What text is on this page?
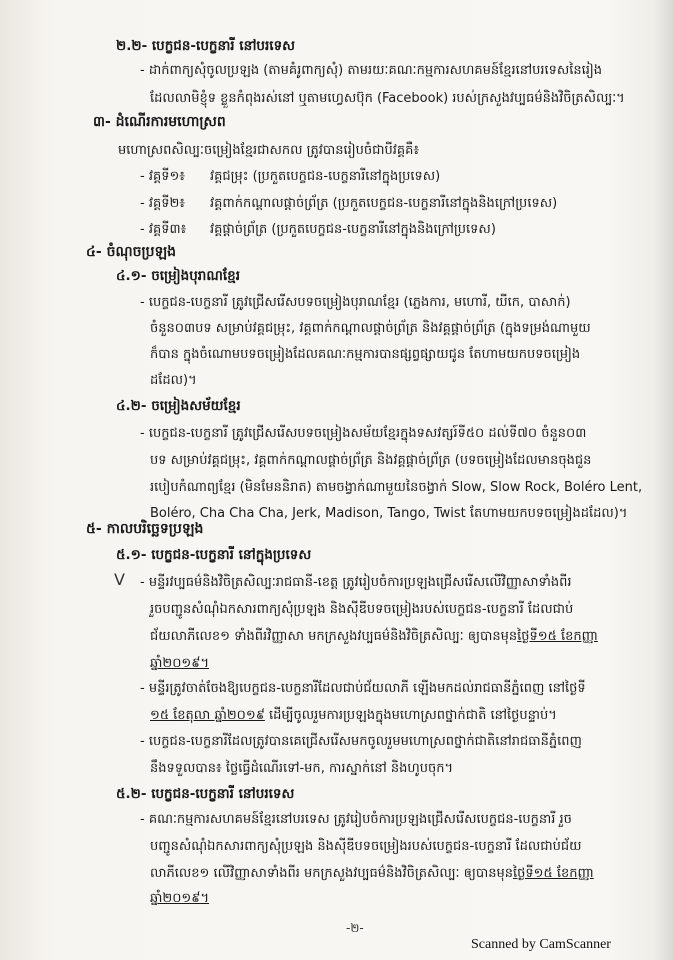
២.២- បេក្ខជន-បេក្ខនារី នៅបរទេស
- ដាក់ពាក្យសុំចូលប្រឡង (តាមគំរូពាក្យសុំ) តាមរយៈគណៈកម្មការសហគមន៍ខ្មែរនៅបរទេសនៃរៀង
ដែលលាមិខ្ញុំទ ខ្លួនកំពុងរស់នៅ ឬតាមហ្វេសប៊ុក (Facebook) របស់ក្រសួងវប្បធម៌និងវិចិត្រសិល្បៈ។
៣- ដំណើរការមហោស្រព
មហោស្រពសិល្បៈចម្រៀងខ្មែរជាសកល ត្រូវបានរៀបចំជាបីវគ្គគឺ៖
- វគ្គទី១៖ វគ្គជម្រុះ (ប្រកួតបេក្ខជន-បេក្ខនារីនៅក្នុងប្រទេស)
- វគ្គទី២៖ វគ្គពាក់កណ្ដាលផ្ដាច់ព្រ័ត្រ (ប្រកួតបេក្ខជន-បេក្ខនារីនៅក្នុងនិងក្រៅប្រទេស)
- វគ្គទី៣៖ វគ្គផ្ដាច់ព្រ័ត្រ (ប្រកួតបេក្ខជន-បេក្ខនារីនៅក្នុងនិងក្រៅប្រទេស)
៤- ចំណុចប្រឡង
៤.១- ចម្រៀងបុរាណខ្មែរ
- បេក្ខជន-បេក្ខនារី ត្រូវជ្រើសរើសបទចម្រៀងបុរាណខ្មែរ (ភ្លេងការ, មហោរី, យីកេ, បាសាក់)
ចំនួន០៣បទ សម្រាប់វគ្គជម្រុះ, វគ្គពាក់កណ្ដាលផ្ដាច់ព្រ័ត្រ និងវគ្គផ្ដាច់ព្រ័ត្រ (ក្នុងទម្រង់ណាមួយ
ក៏បាន ក្នុងចំណោមបទចម្រៀងដែលគណៈកម្មការបានផ្សព្វផ្សាយជូន តែហាមយកបទចម្រៀង
ដដែល)។
៤.២- ចម្រៀងសម័យខ្មែរ
- បេក្ខជន-បេក្ខនារី ត្រូវជ្រើសរើសបទចម្រៀងសម័យខ្មែរក្នុងទសវត្សរ៍ទី៥០ ដល់ទី៧០ ចំនួន០៣
បទ សម្រាប់វគ្គជម្រុះ, វគ្គពាក់កណ្ដាលផ្ដាច់ព្រ័ត្រ និងវគ្គផ្ដាច់ព្រ័ត្រ (បទចម្រៀងដែលមានចុងជួន
របៀបកំណាព្យខ្មែរ (មិនមែននិរាត) តាមចង្វាក់ណាមួយនៃចង្វាក់ Slow, Slow Rock, Boléro Lent,
Boléro, Cha Cha Cha, Jerk, Madison, Tango, Twist តែហាមយកបទចម្រៀងដដែល)។
៥- កាលបរិច្ឆេទប្រឡង
៥.១- បេក្ខជន-បេក្ខនារី នៅក្នុងប្រទេស
V - មន្ទីរវប្បធម៌និងវិចិត្រសិល្បៈរាជធានី-ខេត្ត ត្រូវរៀបចំការប្រឡងជ្រើសរើសលើវិញ្ញាសាទាំងពីរ
រួចបញ្ជូនសំណុំឯកសារពាក្យសុំប្រឡង និងស៊ីឌីបទចម្រៀងរបស់បេក្ខជន-បេក្ខនារី ដែលជាប់
ជ័យលាភីលេខ១ ទាំងពីរវិញ្ញាសា មកក្រសួងវប្បធម៌និងវិចិត្រសិល្បៈ ឲ្យបានមុនថ្ងៃទី១៥ ខែកញ្ញា
ឆ្នាំ២០១៩។
- មន្ទីរត្រូវចាត់ចែងឱ្យបេក្ខជន-បេក្ខនារីដែលជាប់ជ័យលាភី ឡើងមកដល់រាជធានីភ្នំពេញ នៅថ្ងៃទី
១៥ ខែតុលា ឆ្នាំ២០១៩ ដើម្បីចូលរួមការប្រឡងក្នុងមហោស្រពថ្នាក់ជាតិ នៅថ្ងៃបន្ទាប់។
- បេក្ខជន-បេក្ខនារីដែលត្រូវបានគេជ្រើសរើសមកចូលរួមមហោស្រពថ្នាក់ជាតិនៅរាជធានីភ្នំពេញ
នឹងទទួលបាន៖ ថ្លៃធ្វើដំណើរទៅ-មក, ការស្នាក់នៅ និងហូបចុក។
៥.២- បេក្ខជន-បេក្ខនារី នៅបរទេស
- គណៈកម្មការសហគមន៍ខ្មែរនៅបរទេស ត្រូវរៀបចំការប្រឡងជ្រើសរើសបេក្ខជន-បេក្ខនារី រួច
បញ្ជូនសំណុំឯកសារពាក្យសុំប្រឡង និងស៊ីឌីបទចម្រៀងរបស់បេក្ខជន-បេក្ខនារី ដែលជាប់ជ័យ
លាភីលេខ១ លើវិញ្ញាសាទាំងពីរ មកក្រសួងវប្បធម៌និងវិចិត្រសិល្បៈ ឲ្យបានមុនថ្ងៃទី១៥ ខែកញ្ញា
ឆ្នាំ២០១៩។
-២-
Scanned by CamScanner
